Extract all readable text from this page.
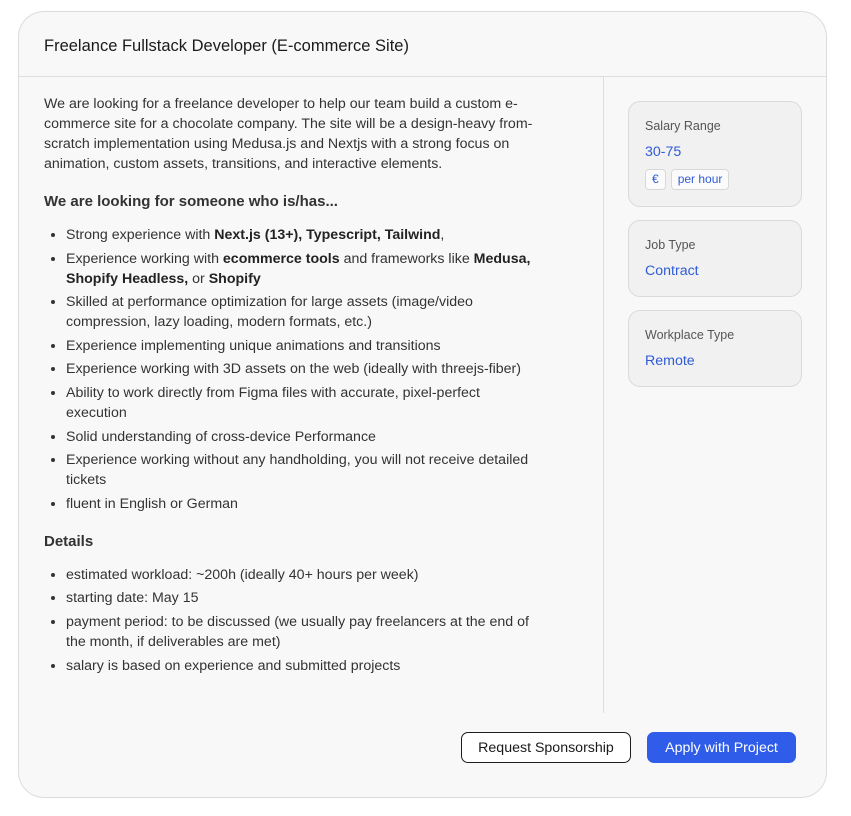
Freelance Fullstack Developer (E-commerce Site)

We are looking for a freelance developer to help our team build a custom e-commerce site for a chocolate company. The site will be a design-heavy from-scratch implementation using Medusa.js and Nextjs with a strong focus on animation, custom assets, transitions, and interactive elements.

We are looking for someone who is/has...
• Strong experience with Next.js (13+), Typescript, Tailwind,
• Experience working with ecommerce tools and frameworks like Medusa, Shopify Headless, or Shopify
• Skilled at performance optimization for large assets (image/video compression, lazy loading, modern formats, etc.)
• Experience implementing unique animations and transitions
• Experience working with 3D assets on the web (ideally with threejs-fiber)
• Ability to work directly from Figma files with accurate, pixel-perfect execution
• Solid understanding of cross-device Performance
• Experience working without any handholding, you will not receive detailed tickets
• fluent in English or German
Details
• estimated workload: ~200h (ideally 40+ hours per week)
• starting date: May 15
• payment period: to be discussed (we usually pay freelancers at the end of the month, if deliverables are met)
• salary is based on experience and submitted projects
Salary Range
30-75
€	per hour
Job Type
Contract
Workplace Type
Remote
Request Sponsorship	Apply with Project
